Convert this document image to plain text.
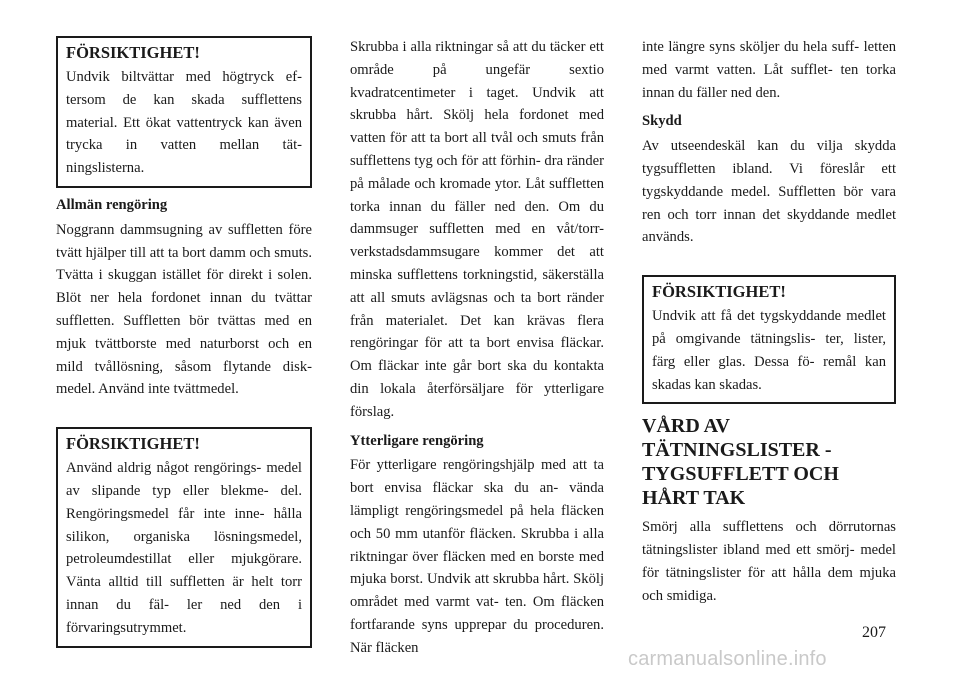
FÖRSIKTIGHET!

Undvik biltvättar med högtryck ef- tersom de kan skada sufflettens material. Ett ökat vattentryck kan även trycka in vatten mellan tät- ningslisterna.

Allmän rengöring

Noggrann dammsugning av suffletten före tvätt hjälper till att ta bort damm och smuts. Tvätta i skuggan istället för direkt i solen. Blöt ner hela fordonet innan du tvättar suffletten. Suffletten bör tvättas med en mjuk tvättborste med naturborst och en mild tvållösning, såsom flytande disk- medel. Använd inte tvättmedel.

FÖRSIKTIGHET!

Använd aldrig något rengörings- medel av slipande typ eller blekme- del. Rengöringsmedel får inte inne- hålla silikon, organiska lösningsmedel, petroleumdestillat eller mjukgörare. Vänta alltid till suffletten är helt torr innan du fäl- ler ned den i förvaringsutrymmet.

Skrubba i alla riktningar så att du täcker ett område på ungefär sextio kvadratcentimeter i taget. Undvik att skrubba hårt. Skölj hela fordonet med vatten för att ta bort all tvål och smuts från sufflettens tyg och för att förhin- dra ränder på målade och kromade ytor. Låt suffletten torka innan du fäller ned den. Om du dammsuger suffletten med en våt/torr- verkstadsdammsugare kommer det att minska sufflettens torkningstid, säkerställa att all smuts avlägsnas och ta bort ränder från materialet. Det kan krävas flera rengöringar för att ta bort envisa fläckar. Om fläckar inte går bort ska du kontakta din lokala återförsäljare för ytterligare förslag.

Ytterligare rengöring

För ytterligare rengöringshjälp med att ta bort envisa fläckar ska du an- vända lämpligt rengöringsmedel på hela fläcken och 50 mm utanför fläcken. Skrubba i alla riktningar över fläcken med en borste med mjuka borst. Undvik att skrubba hårt. Skölj området med varmt vat- ten. Om fläcken fortfarande syns upprepar du proceduren. När fläcken

inte längre syns sköljer du hela suff- letten med varmt vatten. Låt sufflet- ten torka innan du fäller ned den.

Skydd

Av utseendeskäl kan du vilja skydda tygsuffletten ibland. Vi föreslår ett tygskyddande medel. Suffletten bör vara ren och torr innan det skyddande medlet används.

FÖRSIKTIGHET!

Undvik att få det tygskyddande medlet på omgivande tätningslis- ter, lister, färg eller glas. Dessa fö- remål kan skadas kan skadas.

VÅRD AV TÄTNINGSLISTER - TYGSUFFLETT OCH HÅRT TAK

Smörj alla sufflettens och dörrutornas tätningslister ibland med ett smörj- medel för tätningslister för att hålla dem mjuka och smidiga.

207
carmanualsonline.info
